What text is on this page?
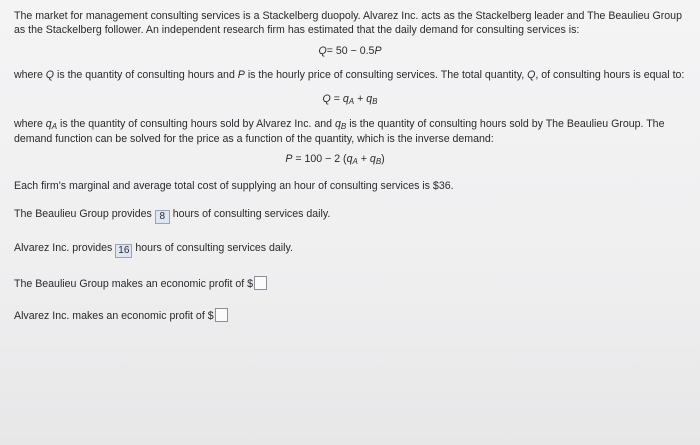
The market for management consulting services is a Stackelberg duopoly. Alvarez Inc. acts as the Stackelberg leader and The Beaulieu Group as the Stackelberg follower. An independent research firm has estimated that the daily demand for consulting services is:

Q= 50 − 0.5P

where Q is the quantity of consulting hours and P is the hourly price of consulting services. The total quantity, Q, of consulting hours is equal to:

$Q = q_A + q_B$

where $q_A$ is the quantity of consulting hours sold by Alvarez Inc. and $q_B$ is the quantity of consulting hours sold by The Beaulieu Group. The demand function can be solved for the price as a function of the quantity, which is the inverse demand:

P = 100 − 2 $(q_A + q_B)$

Each firm's marginal and average total cost of supplying an hour of consulting services is $36.

The Beaulieu Group provides 8 hours of consulting services daily.

Alvarez Inc. provides 16 hours of consulting services daily.

The Beaulieu Group makes an economic profit of $

Alvarez Inc. makes an economic profit of $
